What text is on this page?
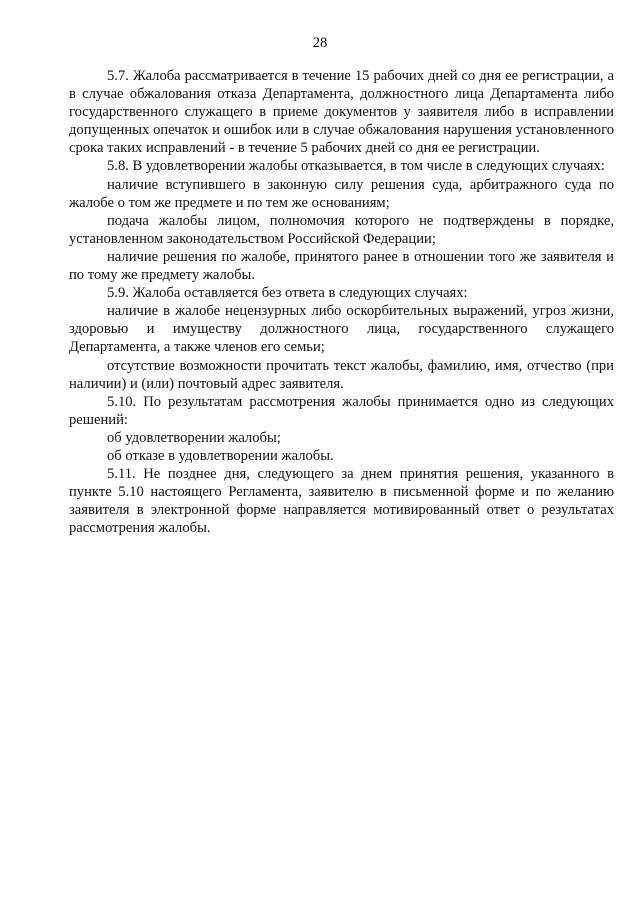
28

5.7. Жалоба рассматривается в течение 15 рабочих дней со дня ее регистрации, а в случае обжалования отказа Департамента, должностного лица Департамента либо государственного служащего в приеме документов у заявителя либо в исправлении допущенных опечаток и ошибок или в случае обжалования нарушения установленного срока таких исправлений - в течение 5 рабочих дней со дня ее регистрации.

5.8. В удовлетворении жалобы отказывается, в том числе в следующих случаях:

наличие вступившего в законную силу решения суда, арбитражного суда по жалобе о том же предмете и по тем же основаниям;

подача жалобы лицом, полномочия которого не подтверждены в порядке, установленном законодательством Российской Федерации;

наличие решения по жалобе, принятого ранее в отношении того же заявителя и по тому же предмету жалобы.

5.9. Жалоба оставляется без ответа в следующих случаях:

наличие в жалобе нецензурных либо оскорбительных выражений, угроз жизни, здоровью и имуществу должностного лица, государственного служащего Департамента, а также членов его семьи;

отсутствие возможности прочитать текст жалобы, фамилию, имя, отчество (при наличии) и (или) почтовый адрес заявителя.

5.10. По результатам рассмотрения жалобы принимается одно из следующих решений:

об удовлетворении жалобы;

об отказе в удовлетворении жалобы.

5.11. Не позднее дня, следующего за днем принятия решения, указанного в пункте 5.10 настоящего Регламента, заявителю в письменной форме и по желанию заявителя в электронной форме направляется мотивированный ответ о результатах рассмотрения жалобы.
